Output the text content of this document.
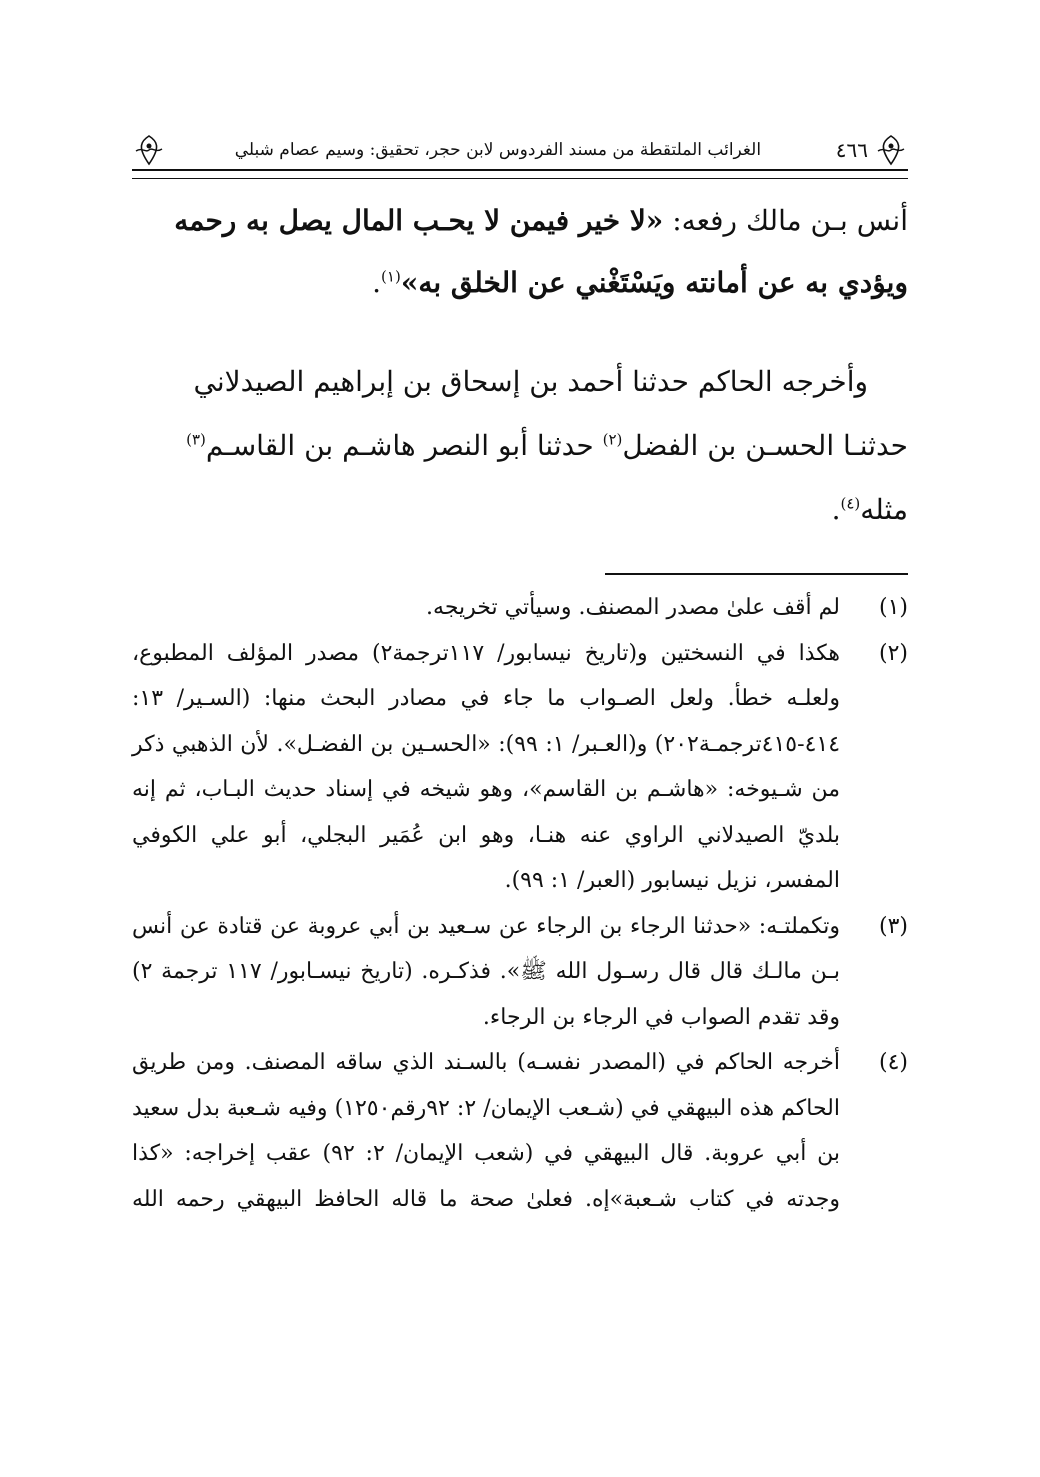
٤٦٦
الغرائب الملتقطة من مسند الفردوس لابن حجر، تحقيق: وسيم عصام شبلي
أنس بـن مالك رفعه: «لا خير فيمن لا يحـب المال يصل به رحمه ويؤدي به عن أمانته ويَسْتَغْني عن الخلق به»$^{(١)}$.
وأخرجه الحاكم حدثنا أحمد بن إسحاق بن إبراهيم الصيدلاني حدثنـا الحسـن بن الفضل$^{(٢)}$ حدثنا أبو النصر هاشـم بن القاسـم$^{(٣)}$ مثله$^{(٤)}$.
(١)
لم أقف علىٰ مصدر المصنف. وسيأتي تخريجه.
(٢)
هكذا في النسختين و(تاريخ نيسابور/ ١١٧ترجمة٢) مصدر المؤلف المطبوع، ولعلـه خطأ. ولعل الصـواب ما جاء في مصادر البحث منها: (السـير/ ١٣: ٤١٤-٤١٥ترجمـة٢٠٢) و(العـبر/ ١: ٩٩): «الحسـين بن الفضـل». لأن الذهبي ذكر من شـيوخه: «هاشـم بن القاسم»، وهو شيخه في إسناد حديث البـاب، ثم إنه بلديّ الصيدلاني الراوي عنه هنـا، وهو ابن عُمَير البجلي، أبو علي الكوفي المفسر، نزيل نيسابور (العبر/ ١: ٩٩).
(٣)
وتكملتـه: «حدثنا الرجاء بن الرجاء عن سـعيد بن أبي عروبة عن قتادة عن أنس بـن مالـك قال قال رسـول الله ﷺ». فذكـره. (تاريخ نيسـابور/ ١١٧ ترجمة ٢) وقد تقدم الصواب في الرجاء بن الرجاء.
(٤)
أخرجه الحاكم في (المصدر نفسـه) بالسـند الذي ساقه المصنف. ومن طريق الحاكم هذه البيهقي في (شـعب الإيمان/ ٢: ٩٢رقم١٢٥٠) وفيه شـعبة بدل سعيد بن أبي عروبة. قال البيهقي في (شعب الإيمان/ ٢: ٩٢) عقب إخراجه: «كذا وجدته في كتاب شـعبة»إه. فعلىٰ صحة ما قاله الحافظ البيهقي رحمه الله
